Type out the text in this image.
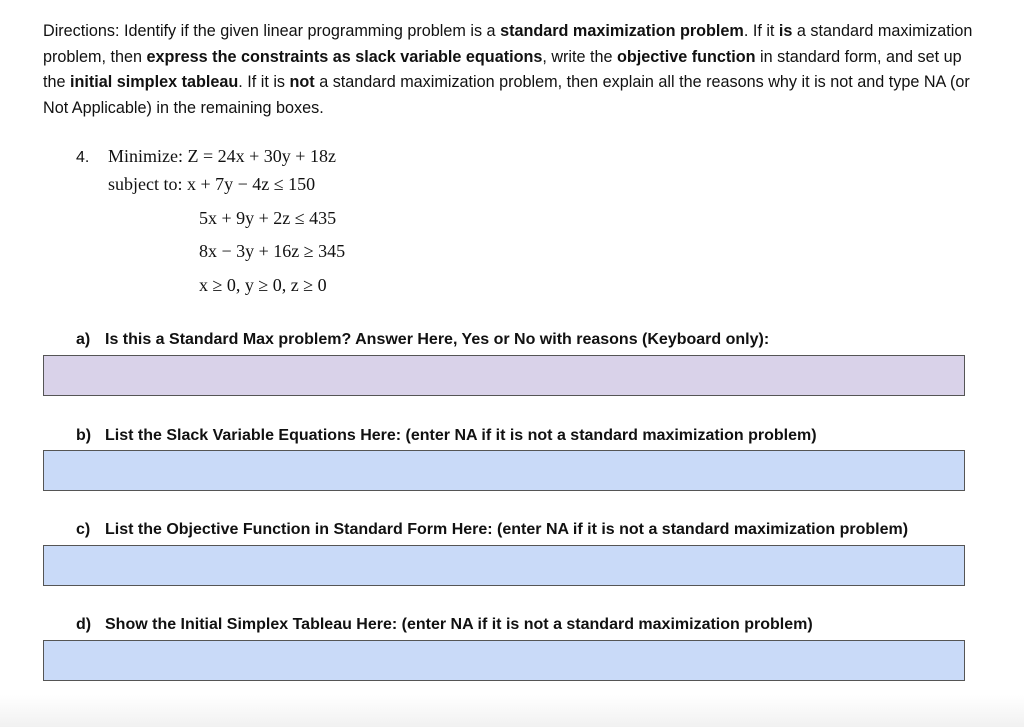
Directions: Identify if the given linear programming problem is a standard maximization problem. If it is a standard maximization problem, then express the constraints as slack variable equations, write the objective function in standard form, and set up the initial simplex tableau. If it is not a standard maximization problem, then explain all the reasons why it is not and type NA (or Not Applicable) in the remaining boxes.

4. Minimize: Z = 24x + 30y + 18z
subject to: x + 7y − 4z ≤ 150
5x + 9y + 2z ≤ 435
8x − 3y + 16z ≥ 345
x ≥ 0, y ≥ 0, z ≥ 0
a) Is this a Standard Max problem? Answer Here, Yes or No with reasons (Keyboard only):
b) List the Slack Variable Equations Here: (enter NA if it is not a standard maximization problem)
c) List the Objective Function in Standard Form Here: (enter NA if it is not a standard maximization problem)
d) Show the Initial Simplex Tableau Here: (enter NA if it is not a standard maximization problem)
